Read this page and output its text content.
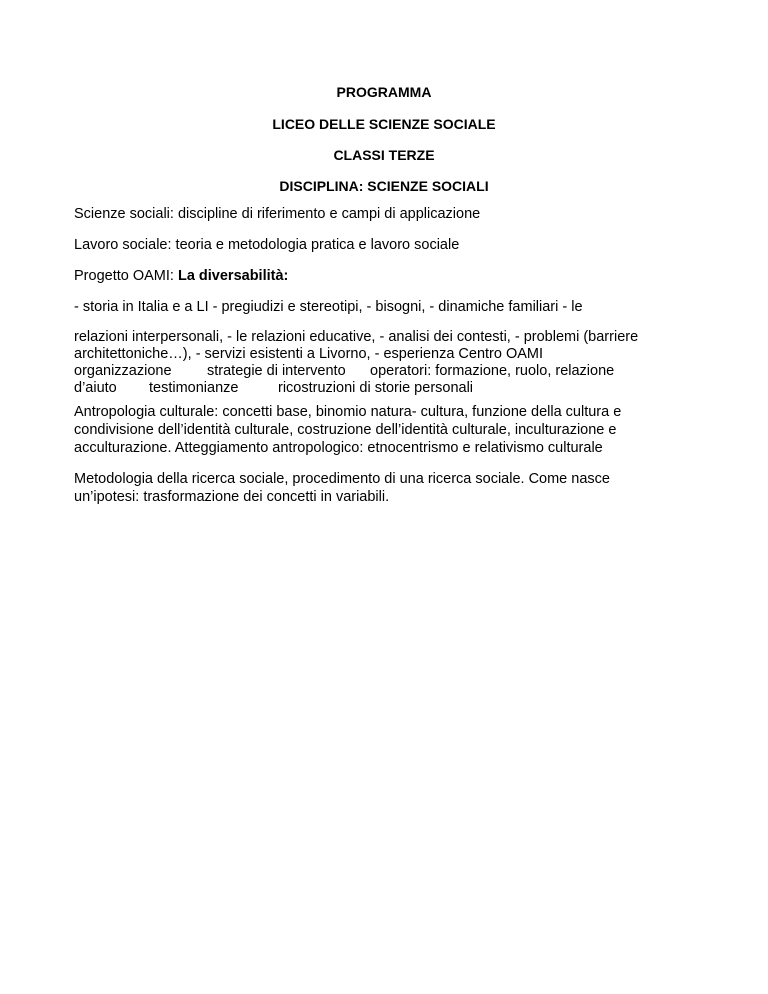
PROGRAMMA
LICEO DELLE SCIENZE SOCIALE
CLASSI TERZE
DISCIPLINA: SCIENZE SOCIALI
Scienze sociali: discipline di riferimento e campi di applicazione
Lavoro sociale: teoria e metodologia pratica e lavoro sociale
Progetto OAMI: La diversabilità:
- storia in Italia e a LI - pregiudizi e stereotipi, - bisogni, - dinamiche familiari - le
relazioni interpersonali, - le relazioni educative, - analisi dei contesti, - problemi (barriere
architettoniche…), - servizi esistenti a Livorno, - esperienza Centro OAMI
organizzazione strategie di intervento operatori: formazione, ruolo, relazione
d’aiuto testimonianze	ricostruzioni di storie personali
Antropologia culturale: concetti base, binomio natura- cultura, funzione della cultura e
condivisione dell’identità culturale, costruzione dell’identità culturale, inculturazione e
acculturazione. Atteggiamento antropologico: etnocentrismo e relativismo culturale
Metodologia della ricerca sociale, procedimento di una ricerca sociale. Come nasce
un’ipotesi: trasformazione dei concetti in variabili.
